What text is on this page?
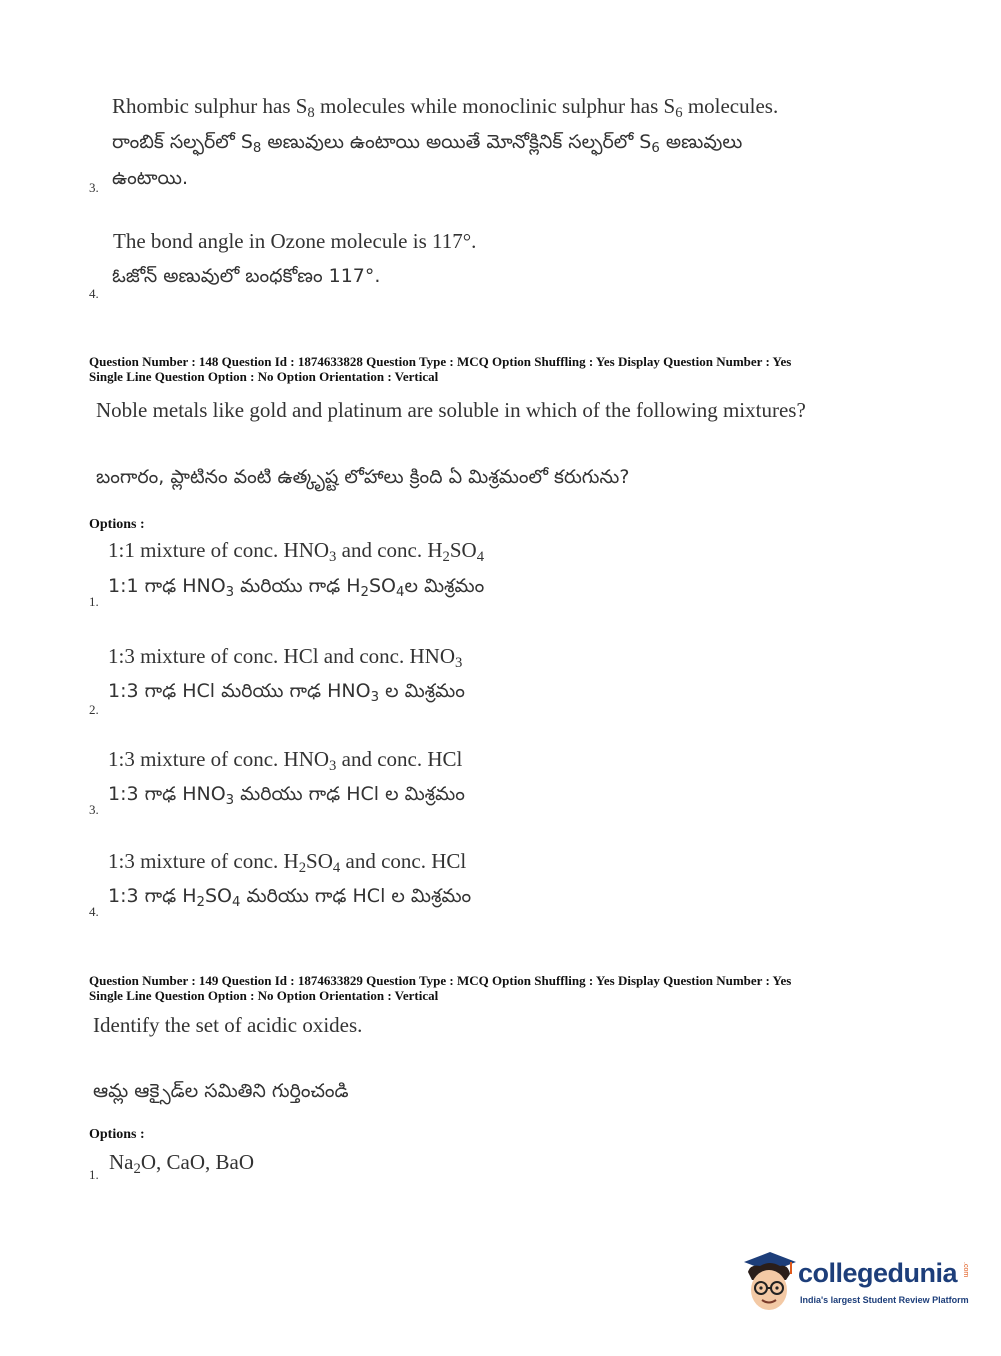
Rhombic sulphur has $S_8$ molecules while monoclinic sulphur has $S_6$ molecules.
రాంబిక్ సల్ఫర్‌లో $S_8$ అణువులు ఉంటాయి అయితే మోనోక్లినిక్ సల్ఫర్‌లో $S_6$ అణువులు
ఉంటాయి.
3.
The bond angle in Ozone molecule is 117°.
ఓజోన్ అణువులో బంధకోణం 117°.
4.
Question Number : 148 Question Id : 1874633828 Question Type : MCQ Option Shuffling : Yes Display Question Number : Yes
Single Line Question Option : No Option Orientation : Vertical
Noble metals like gold and platinum are soluble in which of the following mixtures?
బంగారం, ప్లాటినం వంటి ఉత్కృష్ట లోహాలు క్రింది ఏ మిశ్రమంలో కరుగును?
Options :
1:1 mixture of conc. $HNO_3$ and conc. $H_2SO_4$
1:1 గాఢ $HNO_3$ మరియు గాఢ $H_2SO_4ల$ మిశ్రమం
1.
1:3 mixture of conc. HCl and conc. $HNO_3$
1:3 గాఢ HCl మరియు గాఢ $HNO_3$ ల మిశ్రమం
2.
1:3 mixture of conc. $HNO_3$ and conc. HCl
1:3 గాఢ $HNO_3$ మరియు గాఢ HCl ల మిశ్రమం
3.
1:3 mixture of conc. $H_2SO_4$ and conc. HCl
1:3 గాఢ $H_2SO_4$ మరియు గాఢ HCl ల మిశ్రమం
4.
Question Number : 149 Question Id : 1874633829 Question Type : MCQ Option Shuffling : Yes Display Question Number : Yes
Single Line Question Option : No Option Orientation : Vertical
Identify the set of acidic oxides.
ఆమ్ల ఆక్సైడ్‌ల సమితిని గుర్తించండి
Options :
$Na_2O$, CaO, BaO
1.
collegedunia .com
India's largest Student Review Platform
